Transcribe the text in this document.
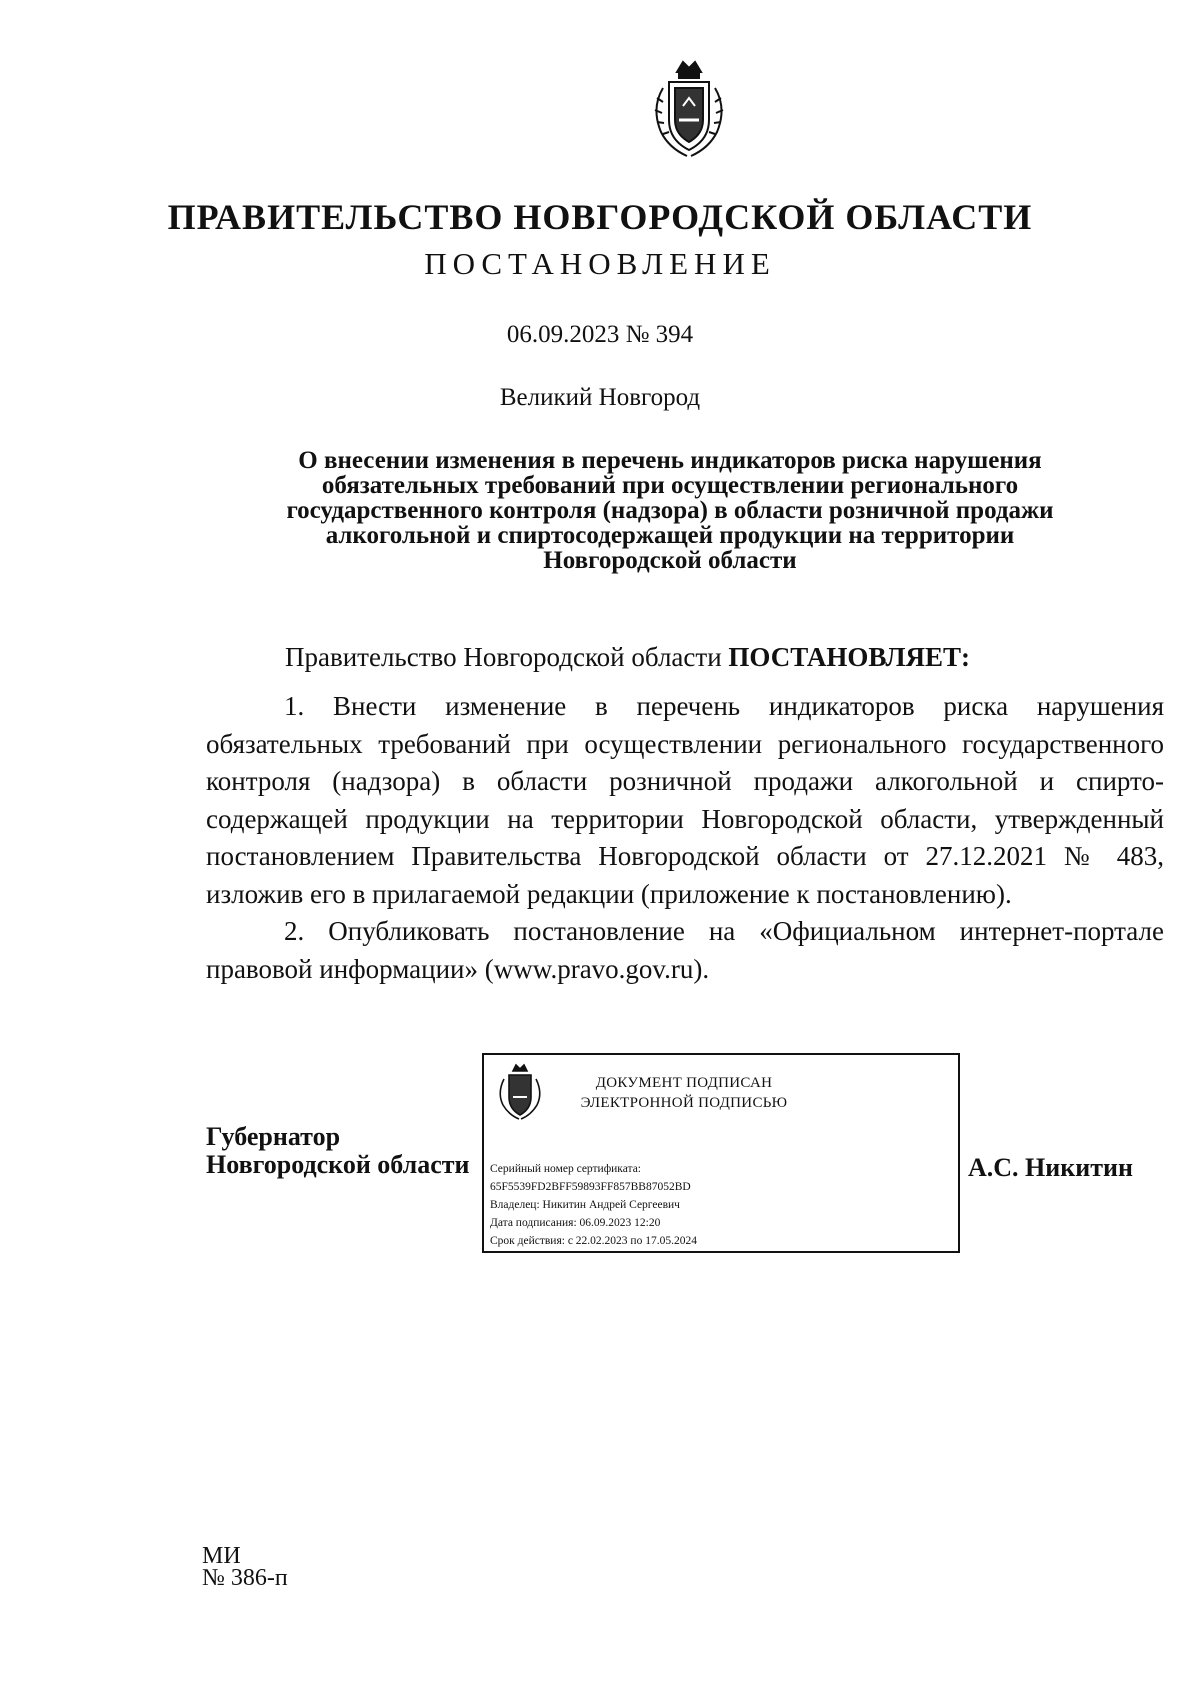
ПРАВИТЕЛЬСТВО НОВГОРОДСКОЙ ОБЛАСТИ
ПОСТАНОВЛЕНИЕ
06.09.2023 № 394
Великий Новгород
О внесении изменения в перечень индикаторов риска нарушения
обязательных требований при осуществлении регионального
государственного контроля (надзора) в области розничной продажи
алкогольной и спиртосодержащей продукции на территории
Новгородской области
Правительство Новгородской области ПОСТАНОВЛЯЕТ:

1. Внести изменение в перечень индикаторов риска нарушения обязательных требований при осуществлении регионального государственного контроля (надзора) в области розничной продажи алкогольной и спирто-содержащей продукции на территории Новгородской области, утвержденный постановлением Правительства Новгородской области от 27.12.2021 № 483, изложив его в прилагаемой редакции (приложение к постановлению).

2. Опубликовать постановление на «Официальном интернет-портале правовой информации» (www.pravo.gov.ru).

Губернатор
Новгородской области
ДОКУМЕНТ ПОДПИСАН
ЭЛЕКТРОННОЙ ПОДПИСЬЮ
Серийный номер сертификата:
65F5539FD2BFF59893FF857BB87052BD
Владелец: Никитин Андрей Сергеевич
Дата подписания: 06.09.2023 12:20
Срок действия: с 22.02.2023 по 17.05.2024
А.С. Никитин
МИ
№ 386-п
